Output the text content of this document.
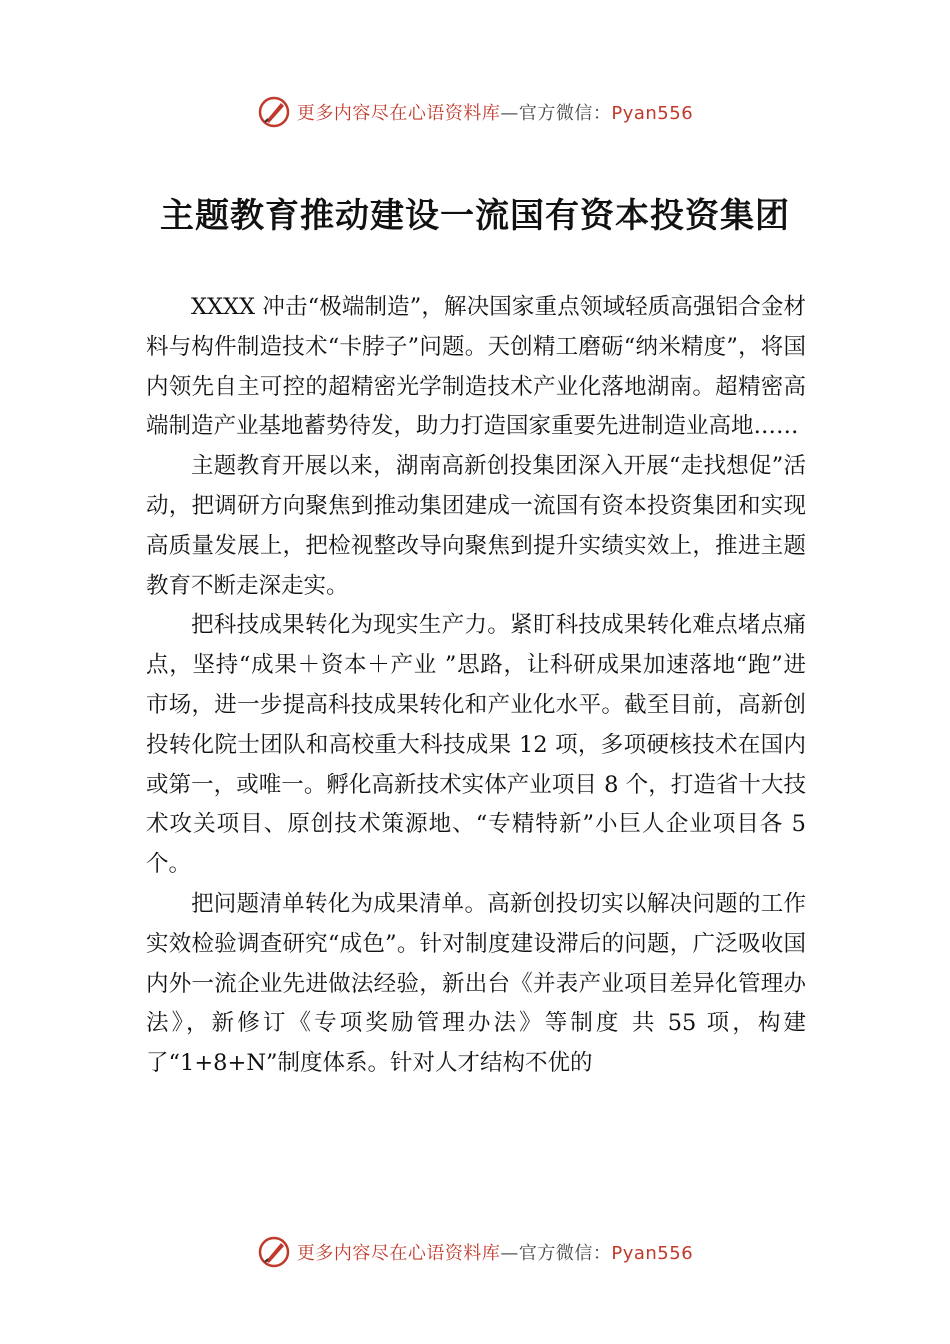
更多内容尽在心语资料库—官方微信：Pyan556
主题教育推动建设一流国有资本投资集团

XXXX 冲击“极端制造”，解决国家重点领域轻质高强铝合金材料与构件制造技术“卡脖子”问题。天创精工磨砺“纳米精度”，将国内领先自主可控的超精密光学制造技术产业化落地湖南。超精密高端制造产业基地蓄势待发，助力打造国家重要先进制造业高地……

主题教育开展以来，湖南高新创投集团深入开展“走找想促”活动，把调研方向聚焦到推动集团建成一流国有资本投资集团和实现高质量发展上，把检视整改导向聚焦到提升实绩实效上，推进主题教育不断走深走实。

把科技成果转化为现实生产力。紧盯科技成果转化难点堵点痛点，坚持“成果＋资本＋产业 ”思路，让科研成果加速落地“跑”进市场，进一步提高科技成果转化和产业化水平。截至目前，高新创投转化院士团队和高校重大科技成果 12 项，多项硬核技术在国内或第一，或唯一。孵化高新技术实体产业项目 8 个，打造省十大技术攻关项目、原创技术策源地、“专精特新”小巨人企业项目各 5 个。

把问题清单转化为成果清单。高新创投切实以解决问题的工作实效检验调查研究“成色”。针对制度建设滞后的问题，广泛吸收国内外一流企业先进做法经验，新出台《并表产业项目差异化管理办法》，新修订《专项奖励管理办法》等制度 共 55 项，构建了“1+8+N”制度体系。针对人才结构不优的

更多内容尽在心语资料库—官方微信：Pyan556
